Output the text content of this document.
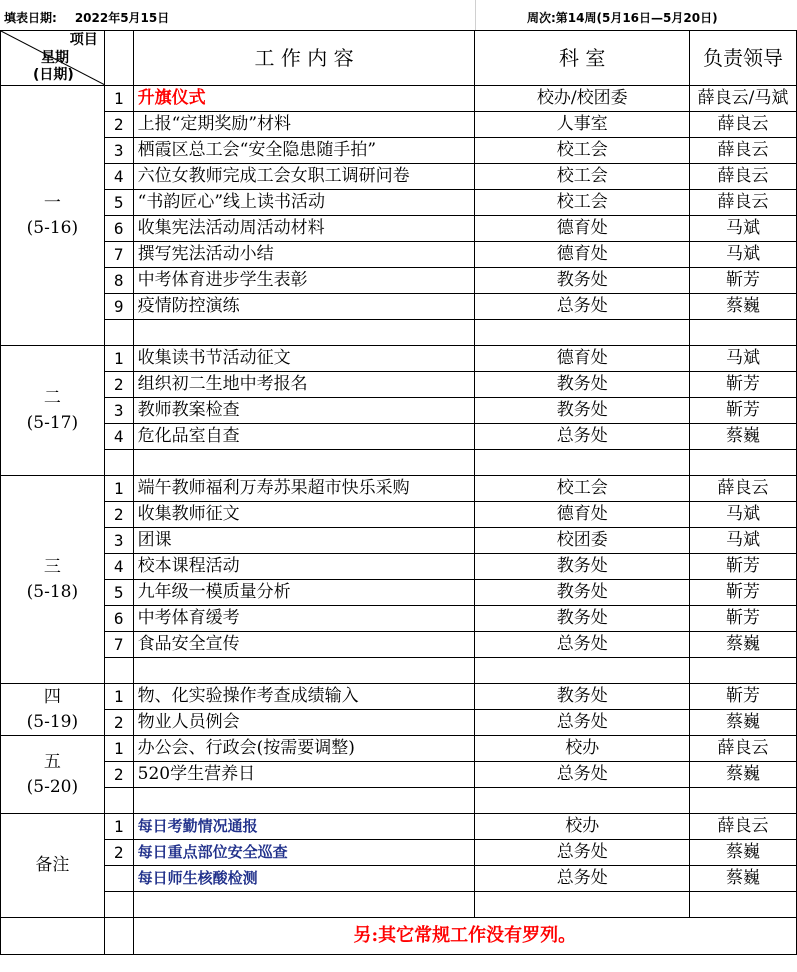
填表日期: 2022年5月15日	周次:第14周(5月16日—5月20日)
项目
星期
(日期)		工 作 内 容	科 室	负责领导

一
(5-16)	1	升旗仪式	校办/校团委	薛良云/马斌
	2	上报“定期奖励”材料	人事室	薛良云
	3	栖霞区总工会“安全隐患随手拍”	校工会	薛良云
	4	六位女教师完成工会女职工调研问卷	校工会	薛良云
	5	“书韵匠心”线上读书活动	校工会	薛良云
	6	收集宪法活动周活动材料	德育处	马斌
	7	撰写宪法活动小结	德育处	马斌
	8	中考体育进步学生表彰	教务处	靳芳
	9	疫情防控演练	总务处	蔡巍

二
(5-17)	1	收集读书节活动征文	德育处	马斌
	2	组织初二生地中考报名	教务处	靳芳
	3	教师教案检查	教务处	靳芳
	4	危化品室自查	总务处	蔡巍

三
(5-18)	1	端午教师福利万寿苏果超市快乐采购	校工会	薛良云
	2	收集教师征文	德育处	马斌
	3	团课	校团委	马斌
	4	校本课程活动	教务处	靳芳
	5	九年级一模质量分析	教务处	靳芳
	6	中考体育缓考	教务处	靳芳
	7	食品安全宣传	总务处	蔡巍

四
(5-19)	1	物、化实验操作考查成绩输入	教务处	靳芳
	2	物业人员例会	总务处	蔡巍

五
(5-20)	1	办公会、行政会(按需要调整)	校办	薛良云
	2	520学生营养日	总务处	蔡巍

备注	1	每日考勤情况通报	校办	薛良云
	2	每日重点部位安全巡查	总务处	蔡巍
		每日师生核酸检测	总务处	蔡巍

		另:其它常规工作没有罗列。		
